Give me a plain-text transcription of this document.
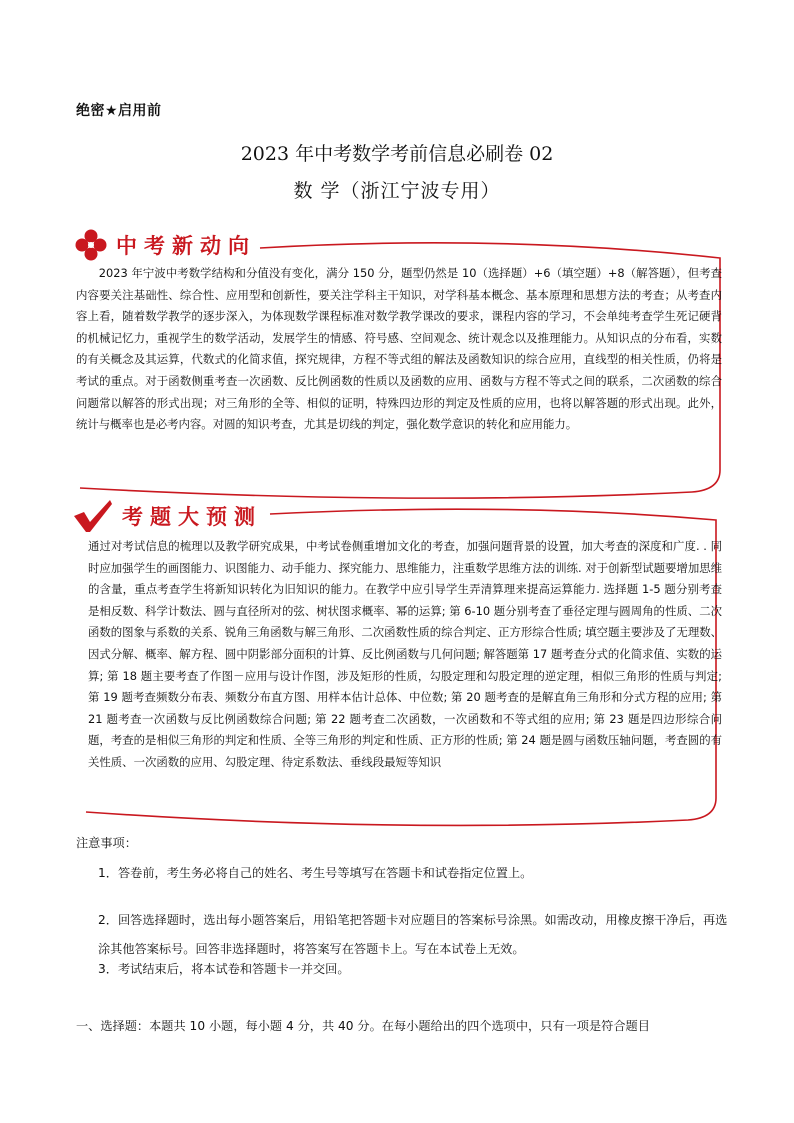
绝密★启用前
2023 年中考数学考前信息必刷卷 02
数 学（浙江宁波专用）
中考新动向

2023 年宁波中考数学结构和分值没有变化，满分 150 分，题型仍然是 10（选择题）+6（填空题）+8（解答题），但考查内容要关注基础性、综合性、应用型和创新性，要关注学科主干知识，对学科基本概念、基本原理和思想方法的考查；从考查内容上看，随着数学教学的逐步深入，为体现数学课程标准对数学教学课改的要求，课程内容的学习，不会单纯考查学生死记硬背的机械记忆力，重视学生的数学活动，发展学生的情感、符号感、空间观念、统计观念以及推理能力。从知识点的分布看，实数的有关概念及其运算，代数式的化简求值，探究规律，方程不等式组的解法及函数知识的综合应用，直线型的相关性质，仍将是考试的重点。对于函数侧重考查一次函数、反比例函数的性质以及函数的应用、函数与方程不等式之间的联系，二次函数的综合问题常以解答的形式出现；对三角形的全等、相似的证明，特殊四边形的判定及性质的应用，也将以解答题的形式出现。此外，统计与概率也是必考内容。对圆的知识考查，尤其是切线的判定，强化数学意识的转化和应用能力。

考题大预测

通过对考试信息的梳理以及教学研究成果，中考试卷侧重增加文化的考查，加强问题背景的设置，加大考查的深度和广度. . 同时应加强学生的画图能力、识图能力、动手能力、探究能力、思维能力，注重数学思维方法的训练. 对于创新型试题要增加思维的含量，重点考查学生将新知识转化为旧知识的能力。在教学中应引导学生弄清算理来提高运算能力. 选择题 1-5 题分别考查是相反数、科学计数法、圆与直径所对的弦、树状图求概率、幂的运算; 第 6-10 题分别考查了垂径定理与圆周角的性质、二次函数的图象与系数的关系、锐角三角函数与解三角形、二次函数性质的综合判定、正方形综合性质; 填空题主要涉及了无理数、因式分解、概率、解方程、圆中阴影部分面积的计算、反比例函数与几何问题; 解答题第 17 题考查分式的化简求值、实数的运算; 第 18 题主要考查了作图－应用与设计作图，涉及矩形的性质，勾股定理和勾股定理的逆定理，相似三角形的性质与判定; 第 19 题考查频数分布表、频数分布直方图、用样本估计总体、中位数; 第 20 题考查的是解直角三角形和分式方程的应用; 第 21 题考查一次函数与反比例函数综合问题; 第 22 题考查二次函数，一次函数和不等式组的应用; 第 23 题是四边形综合问题，考查的是相似三角形的判定和性质、全等三角形的判定和性质、正方形的性质; 第 24 题是圆与函数压轴问题，考查圆的有关性质、一次函数的应用、勾股定理、待定系数法、垂线段最短等知识

注意事项：
1．答卷前，考生务必将自己的姓名、考生号等填写在答题卡和试卷指定位置上。
2．回答选择题时，选出每小题答案后，用铅笔把答题卡对应题目的答案标号涂黑。如需改动，用橡皮擦干净后，再选涂其他答案标号。回答非选择题时，将答案写在答题卡上。写在本试卷上无效。
3．考试结束后，将本试卷和答题卡一并交回。
一、选择题：本题共 10 小题，每小题 4 分，共 40 分。在每小题给出的四个选项中，只有一项是符合题目
